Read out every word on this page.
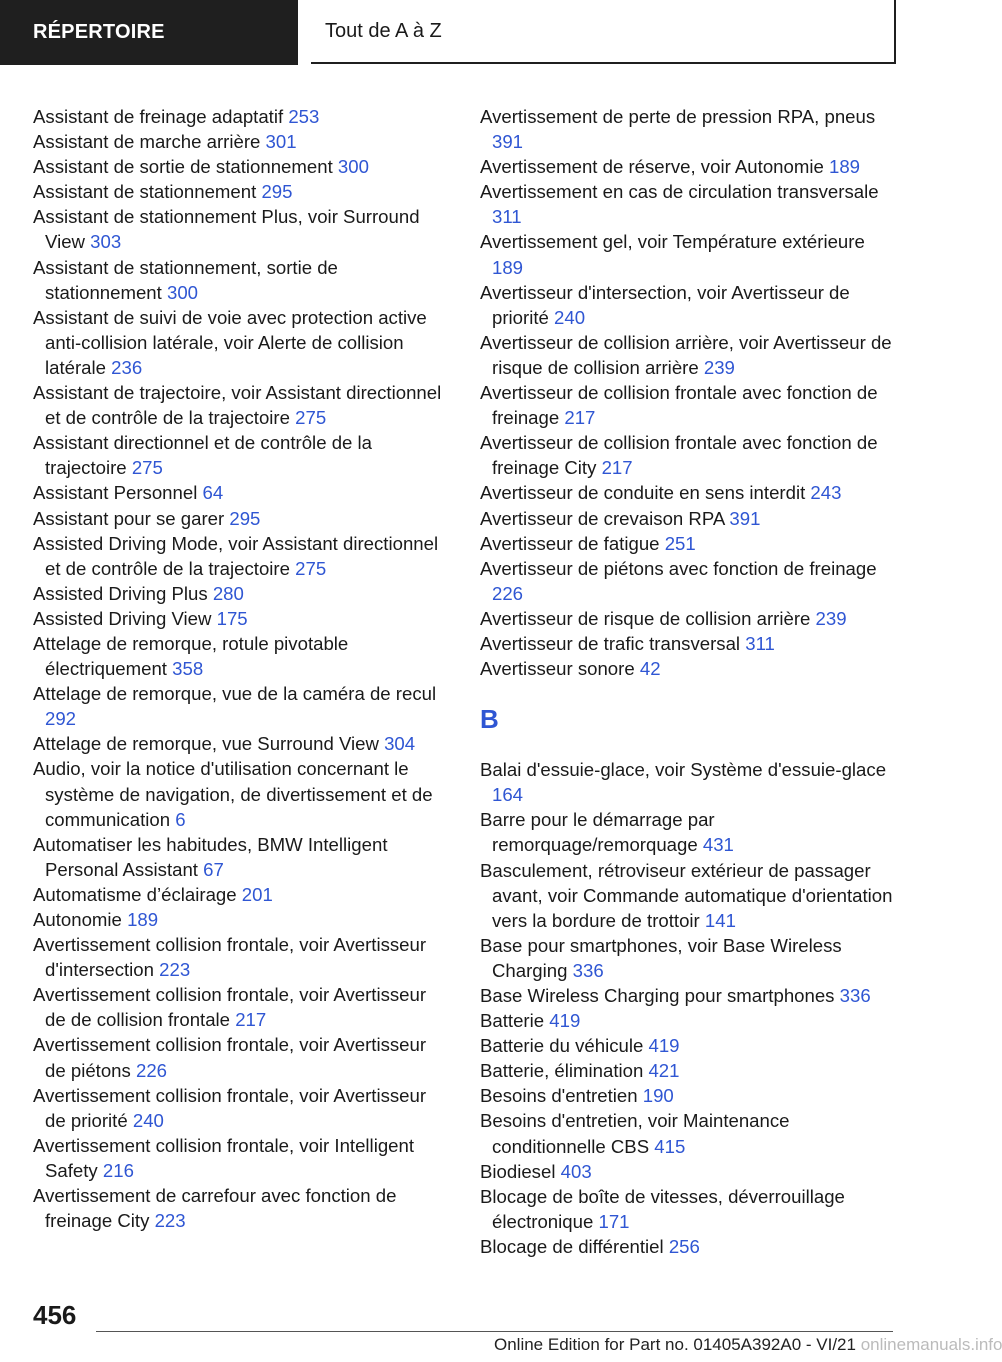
RÉPERTOIRE	Tout de A à Z

Assistant de freinage adaptatif 253

Assistant de marche arrière 301

Assistant de sortie de stationnement 300

Assistant de stationnement 295

Assistant de stationnement Plus, voir Surround View 303

Assistant de stationnement, sortie de stationnement 300

Assistant de suivi de voie avec protection active anti-collision latérale, voir Alerte de collision latérale 236

Assistant de trajectoire, voir Assistant directionnel et de contrôle de la trajectoire 275

Assistant directionnel et de contrôle de la trajectoire 275

Assistant Personnel 64

Assistant pour se garer 295

Assisted Driving Mode, voir Assistant directionnel et de contrôle de la trajectoire 275

Assisted Driving Plus 280

Assisted Driving View 175

Attelage de remorque, rotule pivotable électriquement 358

Attelage de remorque, vue de la caméra de recul 292

Attelage de remorque, vue Surround View 304

Audio, voir la notice d'utilisation concernant le système de navigation, de divertissement et de communication 6

Automatiser les habitudes, BMW Intelligent Personal Assistant 67

Automatisme d’éclairage 201

Autonomie 189

Avertissement collision frontale, voir Avertisseur d'intersection 223

Avertissement collision frontale, voir Avertisseur de de collision frontale 217

Avertissement collision frontale, voir Avertisseur de piétons 226

Avertissement collision frontale, voir Avertisseur de priorité 240

Avertissement collision frontale, voir Intelligent Safety 216

Avertissement de carrefour avec fonction de freinage City 223

Avertissement de perte de pression RPA, pneus 391

Avertissement de réserve, voir Autonomie 189

Avertissement en cas de circulation transversale 311

Avertissement gel, voir Température extérieure 189

Avertisseur d'intersection, voir Avertisseur de priorité 240

Avertisseur de collision arrière, voir Avertisseur de risque de collision arrière 239

Avertisseur de collision frontale avec fonction de freinage 217

Avertisseur de collision frontale avec fonction de freinage City 217

Avertisseur de conduite en sens interdit 243

Avertisseur de crevaison RPA 391

Avertisseur de fatigue 251

Avertisseur de piétons avec fonction de freinage 226

Avertisseur de risque de collision arrière 239

Avertisseur de trafic transversal 311

Avertisseur sonore 42

B

Balai d'essuie-glace, voir Système d'essuie-glace 164

Barre pour le démarrage par remorquage/remorquage 431

Basculement, rétroviseur extérieur de passager avant, voir Commande automatique d'orientation vers la bordure de trottoir 141

Base pour smartphones, voir Base Wireless Charging 336

Base Wireless Charging pour smartphones 336

Batterie 419

Batterie du véhicule 419

Batterie, élimination 421

Besoins d'entretien 190

Besoins d'entretien, voir Maintenance conditionnelle CBS 415

Biodiesel 403

Blocage de boîte de vitesses, déverrouillage électronique 171

Blocage de différentiel 256

456
Online Edition for Part no. 01405A392A0 - VI/21 onlinemanuals.info
